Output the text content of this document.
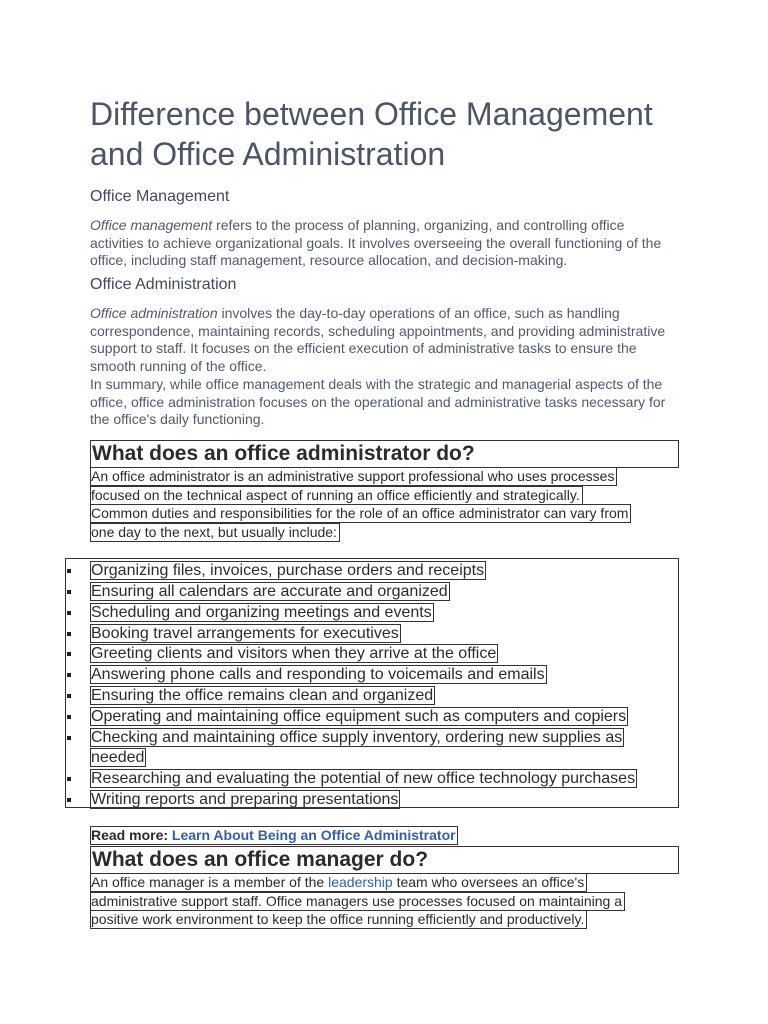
Difference between Office Management and Office Administration
Office Management

Office management refers to the process of planning, organizing, and controlling office activities to achieve organizational goals. It involves overseeing the overall functioning of the office, including staff management, resource allocation, and decision-making.

Office Administration

Office administration involves the day-to-day operations of an office, such as handling correspondence, maintaining records, scheduling appointments, and providing administrative support to staff. It focuses on the efficient execution of administrative tasks to ensure the smooth running of the office.

In summary, while office management deals with the strategic and managerial aspects of the office, office administration focuses on the operational and administrative tasks necessary for the office's daily functioning.

What does an office administrator do?
An office administrator is an administrative support professional who uses processes
focused on the technical aspect of running an office efficiently and strategically.
Common duties and responsibilities for the role of an office administrator can vary from
one day to the next, but usually include:
Organizing files, invoices, purchase orders and receipts
Ensuring all calendars are accurate and organized
Scheduling and organizing meetings and events
Booking travel arrangements for executives
Greeting clients and visitors when they arrive at the office
Answering phone calls and responding to voicemails and emails
Ensuring the office remains clean and organized
Operating and maintaining office equipment such as computers and copiers
Checking and maintaining office supply inventory, ordering new supplies as
needed
Researching and evaluating the potential of new office technology purchases
Writing reports and preparing presentations
Read more: Learn About Being an Office Administrator
What does an office manager do?
An office manager is a member of the leadership team who oversees an office's
administrative support staff. Office managers use processes focused on maintaining a
positive work environment to keep the office running efficiently and productively.
